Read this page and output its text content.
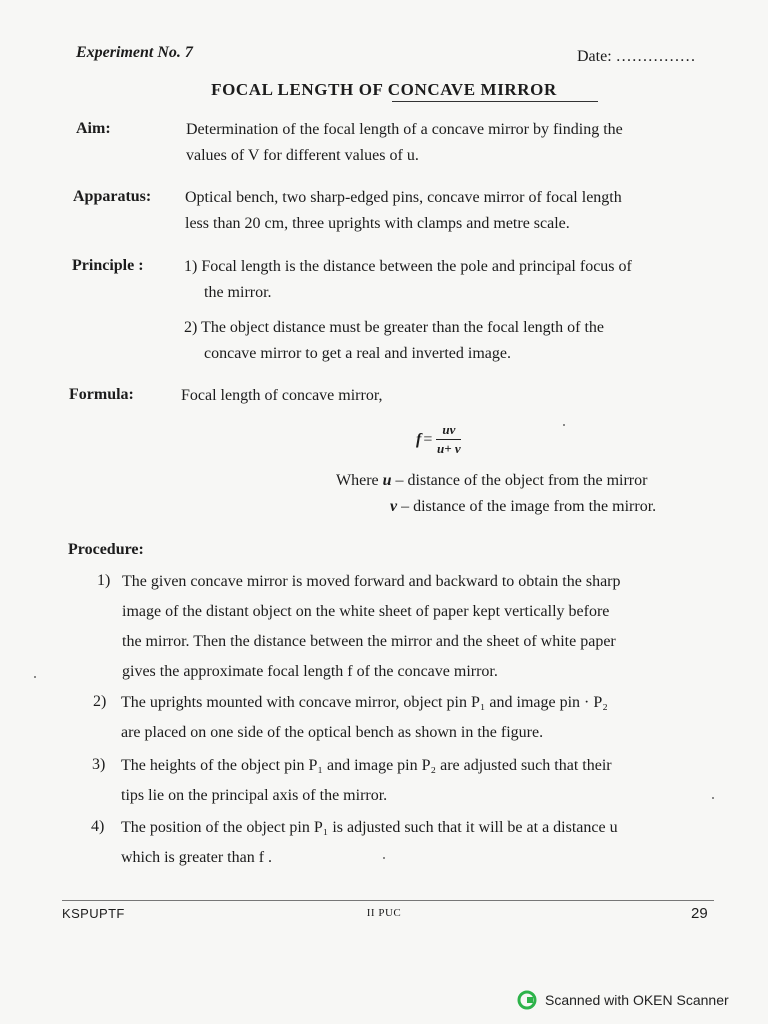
Experiment No. 7	Date: ……………
FOCAL LENGTH OF CONCAVE MIRROR
Aim:	Determination of the focal length of a concave mirror by finding the
values of V for different values of u.
Apparatus: Optical bench, two sharp-edged pins, concave mirror of focal length
less than 20 cm, three uprights with clamps and metre scale.
Principle :	1) Focal length is the distance between the pole and principal focus of
the mirror.
2) The object distance must be greater than the focal length of the
concave mirror to get a real and inverted image.
Formula:	Focal length of concave mirror,
$f = \frac{uv}{u+ v}$
Where u – distance of the object from the mirror
v – distance of the image from the mirror.
Procedure:
1) The given concave mirror is moved forward and backward to obtain the sharp
image of the distant object on the white sheet of paper kept vertically before
the mirror. Then the distance between the mirror and the sheet of white paper
gives the approximate focal length f of the concave mirror.
2) The uprights mounted with concave mirror, object pin P₁ and image pin · P₂
are placed on one side of the optical bench as shown in the figure.
3) The heights of the object pin P₁ and image pin P₂ are adjusted such that their
tips lie on the principal axis of the mirror.
4) The position of the object pin P₁ is adjusted such that it will be at a distance u
which is greater than f .
KSPUPTF	II PUC	29
Scanned with OKEN Scanner
